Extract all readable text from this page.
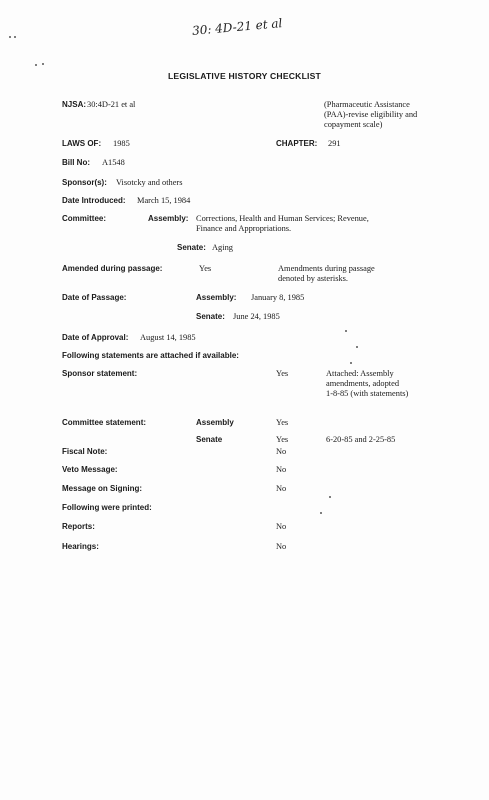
30: 4D-21 et al
LEGISLATIVE HISTORY CHECKLIST
NJSA: 30:4D-21 et al	(Pharmaceutic Assistance
(PAA)-revise eligibility and
copayment scale)
LAWS OF: 1985	CHAPTER: 291
Bill No: A1548
Sponsor(s): Visotcky and others
Date Introduced: March 15, 1984
Committee:	Assembly: Corrections, Health and Human Services; Revenue,
Finance and Appropriations.
Senate: Aging
Amended during passage:	Yes	Amendments during passage
denoted by asterisks.
Date of Passage:	Assembly: January 8, 1985
Senate: June 24, 1985
Date of Approval: August 14, 1985
Following statements are attached if available:
Sponsor statement:	Yes	Attached: Assembly
amendments, adopted
1-8-85 (with statements)
Committee statement:	Assembly	Yes
Senate	Yes	6-20-85 and 2-25-85
Fiscal Note:	No
Veto Message:	No
Message on Signing:	No
Following were printed:
Reports:	No
Hearings:	No
